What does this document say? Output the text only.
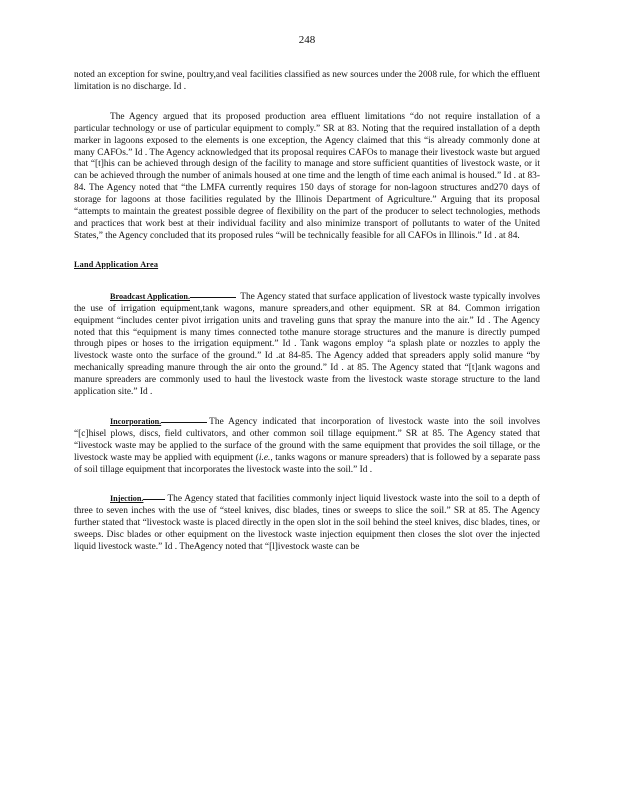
248

noted an exception for swine, poultry,and veal facilities classified as new sources under the 2008 rule, for which the effluent limitation is no discharge. Id .

The Agency argued that its proposed production area effluent limitations “do not require installation of a particular technology or use of particular equipment to comply.” SR at 83. Noting that the required installation of a depth marker in lagoons exposed to the elements is one exception, the Agency claimed that this “is already commonly done at many CAFOs.” Id . The Agency acknowledged that its proposal requires CAFOs to manage their livestock waste but argued that “[t]his can be achieved through design of the facility to manage and store sufficient quantities of livestock waste, or it can be achieved through the number of animals housed at one time and the length of time each animal is housed.” Id . at 83-84. The Agency noted that “the LMFA currently requires 150 days of storage for non-lagoon structures and270 days of storage for lagoons at those facilities regulated by the Illinois Department of Agriculture.” Arguing that its proposal “attempts to maintain the greatest possible degree of flexibility on the part of the producer to select technologies, methods and practices that work best at their individual facility and also minimize transport of pollutants to water of the United States,” the Agency concluded that its proposed rules “will be technically feasible for all CAFOs in Illinois.” Id . at 84.

Land Application Area

Broadcast Application.	The Agency stated that surface application of livestock waste typically involves the use of irrigation equipment,tank wagons, manure spreaders,and other equipment. SR at 84. Common irrigation equipment “includes center pivot irrigation units and traveling guns that spray the manure into the air.” Id . The Agency noted that this “equipment is many times connected tothe manure storage structures and the manure is directly pumped through pipes or hoses to the irrigation equipment.” Id . Tank wagons employ “a splash plate or nozzles to apply the livestock waste onto the surface of the ground.” Id .at 84-85. The Agency added that spreaders apply solid manure “by mechanically spreading manure through the air onto the ground.” Id . at 85. The Agency stated that “[t]ank wagons and manure spreaders are commonly used to haul the livestock waste from the livestock waste storage structure to the land application site.” Id .

Incorporation.	The Agency indicated that incorporation of livestock waste into the soil involves “[c]hisel plows, discs, field cultivators, and other common soil tillage equipment.” SR at 85. The Agency stated that “livestock waste may be applied to the surface of the ground with the same equipment that provides the soil tillage, or the livestock waste may be applied with equipment (i.e., tanks wagons or manure spreaders) that is followed by a separate pass of soil tillage equipment that incorporates the livestock waste into the soil.” Id .

Injection.	The Agency stated that facilities commonly inject liquid livestock waste into the soil to a depth of three to seven inches with the use of “steel knives, disc blades, tines or sweeps to slice the soil.” SR at 85. The Agency further stated that “livestock waste is placed directly in the open slot in the soil behind the steel knives, disc blades, tines, or sweeps. Disc blades or other equipment on the livestock waste injection equipment then closes the slot over the injected liquid livestock waste.” Id . TheAgency noted that “[l]ivestock waste can be
